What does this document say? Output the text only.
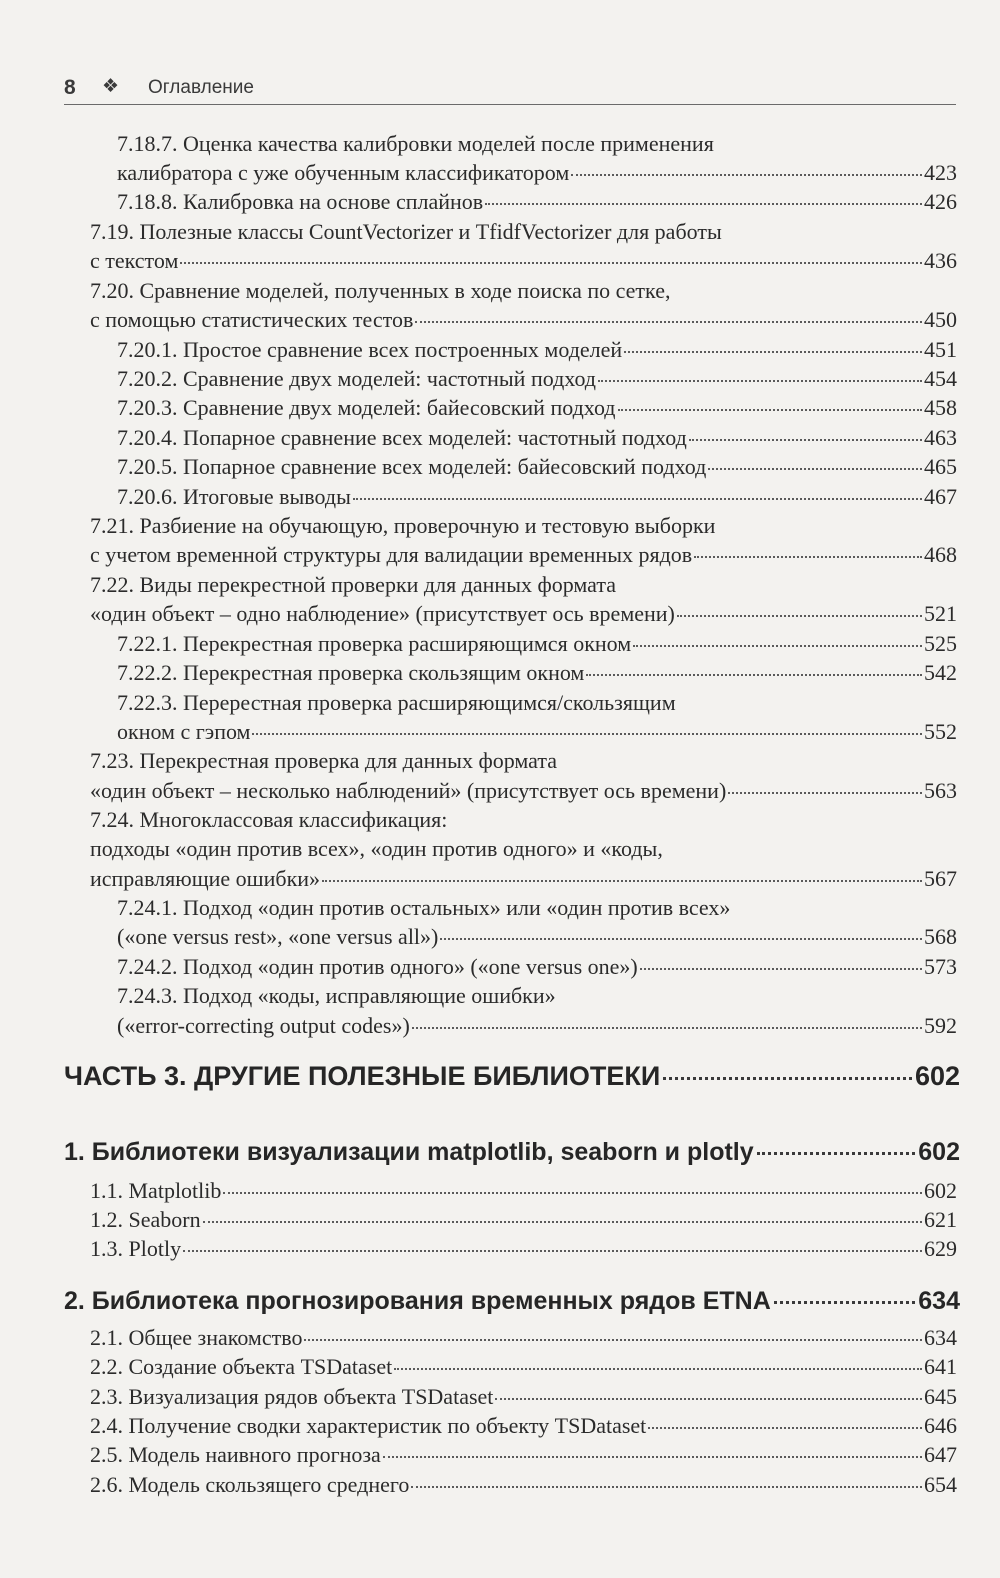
8 ❖ Оглавление
7.18.7. Оценка качества калибровки моделей после применения
калибратора с уже обученным классификатором	423
7.18.8. Калибровка на основе сплайнов	426
7.19. Полезные классы CountVectorizer и TfidfVectorizer для работы
с текстом	436
7.20. Сравнение моделей, полученных в ходе поиска по сетке,
с помощью статистических тестов	450
7.20.1. Простое сравнение всех построенных моделей	451
7.20.2. Сравнение двух моделей: частотный подход	454
7.20.3. Сравнение двух моделей: байесовский подход	458
7.20.4. Попарное сравнение всех моделей: частотный подход	463
7.20.5. Попарное сравнение всех моделей: байесовский подход	465
7.20.6. Итоговые выводы	467
7.21. Разбиение на обучающую, проверочную и тестовую выборки
с учетом временной структуры для валидации временных рядов	468
7.22. Виды перекрестной проверки для данных формата
«один объект – одно наблюдение» (присутствует ось времени)	521
7.22.1. Перекрестная проверка расширяющимся окном	525
7.22.2. Перекрестная проверка скользящим окном	542
7.22.3. Перерестная проверка расширяющимся/скользящим
окном с гэпом	552
7.23. Перекрестная проверка для данных формата
«один объект – несколько наблюдений» (присутствует ось времени)	563
7.24. Многоклассовая классификация:
подходы «один против всех», «один против одного» и «коды,
исправляющие ошибки»	567
7.24.1. Подход «один против остальных» или «один против всех»
(«one versus rest», «one versus all»)	568
7.24.2. Подход «один против одного» («one versus one»)	573
7.24.3. Подход «коды, исправляющие ошибки»
(«error-correcting output codes»)	592
ЧАСТЬ 3. ДРУГИЕ ПОЛЕЗНЫЕ БИБЛИОТЕКИ	602
1. Библиотеки визуализации matplotlib, seaborn и plotly	602
1.1. Matplotlib	602
1.2. Seaborn	621
1.3. Plotly	629
2. Библиотека прогнозирования временных рядов ETNA	634
2.1. Общее знакомство	634
2.2. Создание объекта TSDataset	641
2.3. Визуализация рядов объекта TSDataset	645
2.4. Получение сводки характеристик по объекту TSDataset	646
2.5. Модель наивного прогноза	647
2.6. Модель скользящего среднего	654
